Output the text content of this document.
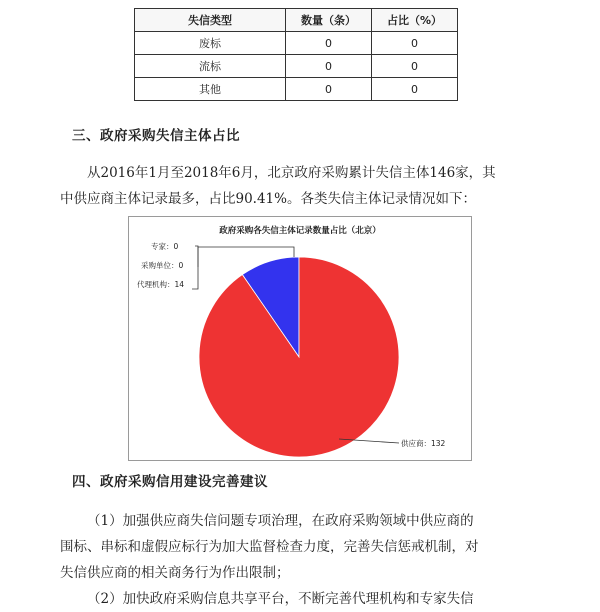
失信类型	数量（条）	占比（%）
废标	0	0
流标	0	0
其他	0	0
三、政府采购失信主体占比
从2016年1月至2018年6月，北京政府采购累计失信主体146家，其
中供应商主体记录最多，占比90.41%。各类失信主体记录情况如下：
政府采购各失信主体记录数量占比（北京）
专家：0
采购单位：0
代理机构：14
供应商：132
四、政府采购信用建设完善建议
（1）加强供应商失信问题专项治理，在政府采购领域中供应商的
围标、串标和虚假应标行为加大监督检查力度，完善失信惩戒机制，对
失信供应商的相关商务行为作出限制；
（2）加快政府采购信息共享平台，不断完善代理机构和专家失信
